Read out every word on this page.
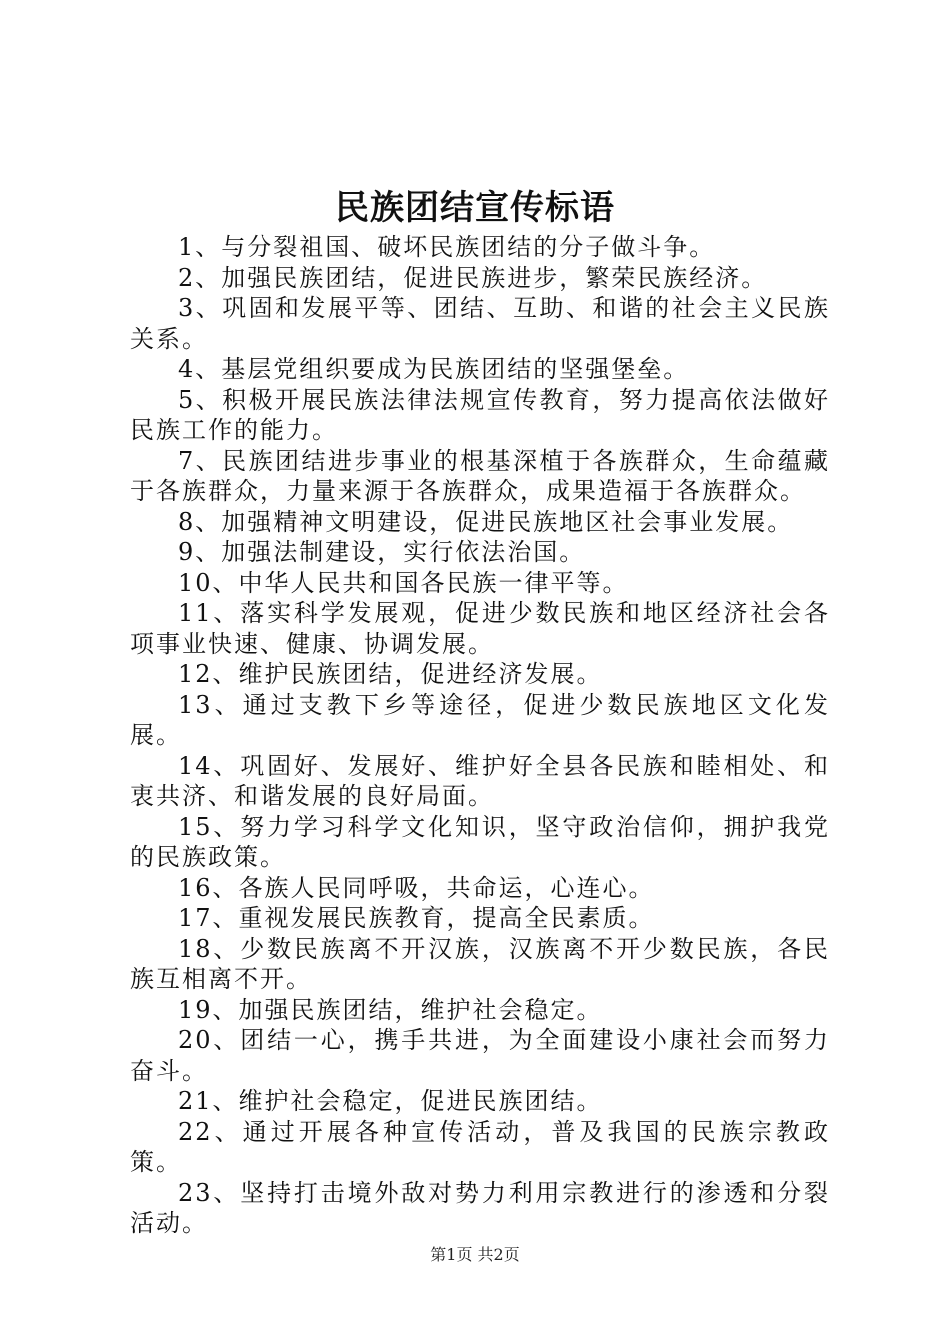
民族团结宣传标语

1、与分裂祖国、破坏民族团结的分子做斗争。

2、加强民族团结，促进民族进步，繁荣民族经济。

3、巩固和发展平等、团结、互助、和谐的社会主义民族关系。

4、基层党组织要成为民族团结的坚强堡垒。

5、积极开展民族法律法规宣传教育，努力提高依法做好民族工作的能力。

7、民族团结进步事业的根基深植于各族群众，生命蕴藏于各族群众，力量来源于各族群众，成果造福于各族群众。

8、加强精神文明建设，促进民族地区社会事业发展。

9、加强法制建设，实行依法治国。

10、中华人民共和国各民族一律平等。

11、落实科学发展观，促进少数民族和地区经济社会各项事业快速、健康、协调发展。

12、维护民族团结，促进经济发展。

13、通过支教下乡等途径，促进少数民族地区文化发展。

14、巩固好、发展好、维护好全县各民族和睦相处、和衷共济、和谐发展的良好局面。

15、努力学习科学文化知识，坚守政治信仰，拥护我党的民族政策。

16、各族人民同呼吸，共命运，心连心。

17、重视发展民族教育，提高全民素质。

18、少数民族离不开汉族，汉族离不开少数民族，各民族互相离不开。

19、加强民族团结，维护社会稳定。

20、团结一心，携手共进，为全面建设小康社会而努力奋斗。

21、维护社会稳定，促进民族团结。

22、通过开展各种宣传活动，普及我国的民族宗教政策。

23、坚持打击境外敌对势力利用宗教进行的渗透和分裂活动。

第1页 共2页
